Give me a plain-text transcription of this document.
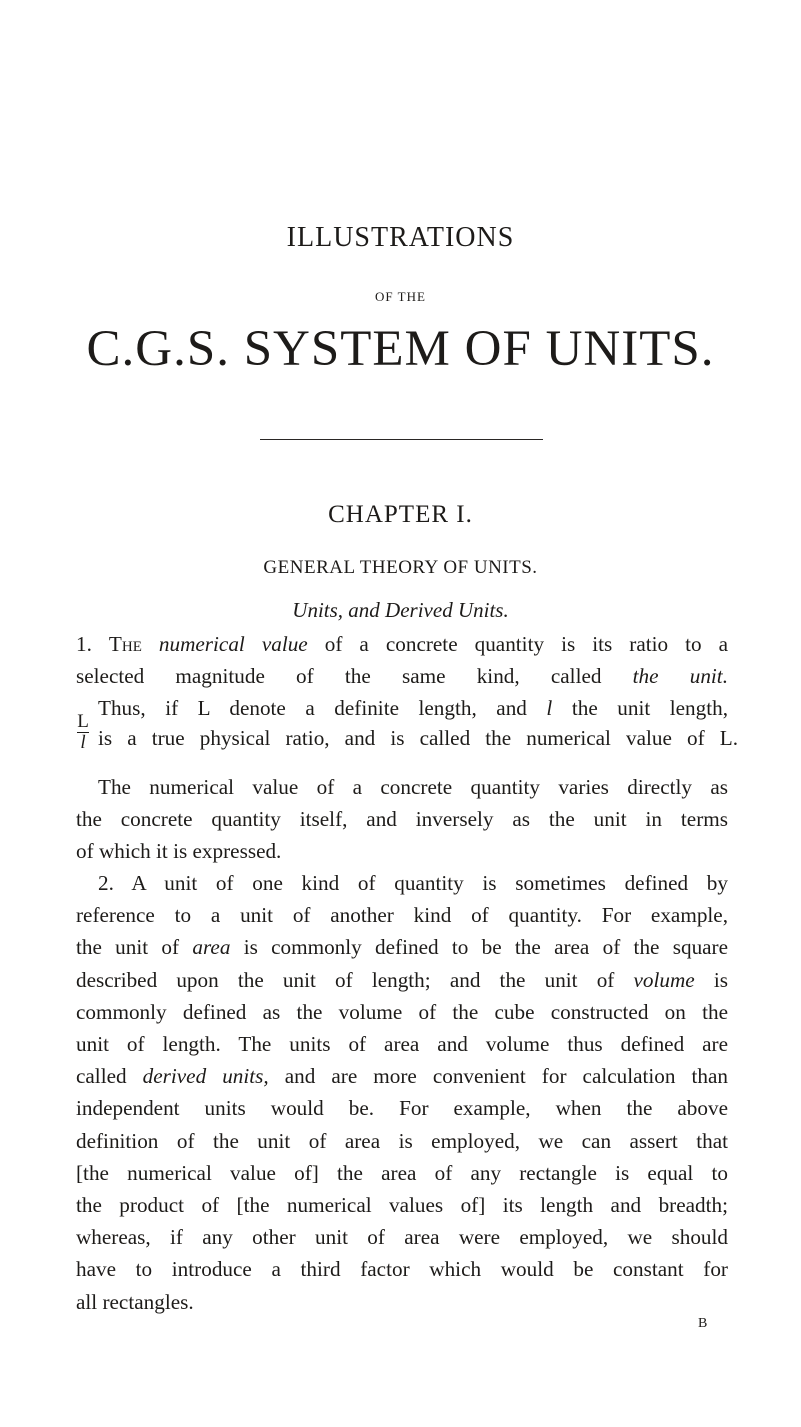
ILLUSTRATIONS
OF THE
C.G.S. SYSTEM OF UNITS.
CHAPTER I.
GENERAL THEORY OF UNITS.
Units, and Derived Units.
1. The numerical value of a concrete quantity is its ratio to a
selected magnitude of the same kind, called the unit.
Thus, if L denote a definite length, and l the unit length,
L
l is a true physical ratio, and is called the numerical value of L.
The numerical value of a concrete quantity varies directly as
the concrete quantity itself, and inversely as the unit in terms
of which it is expressed.
2. A unit of one kind of quantity is sometimes defined by
reference to a unit of another kind of quantity. For example,
the unit of area is commonly defined to be the area of the square
described upon the unit of length; and the unit of volume is
commonly defined as the volume of the cube constructed on the
unit of length. The units of area and volume thus defined are
called derived units, and are more convenient for calculation than
independent units would be. For example, when the above
definition of the unit of area is employed, we can assert that
[the numerical value of] the area of any rectangle is equal to
the product of [the numerical values of] its length and breadth;
whereas, if any other unit of area were employed, we should
have to introduce a third factor which would be constant for
all rectangles.
B
